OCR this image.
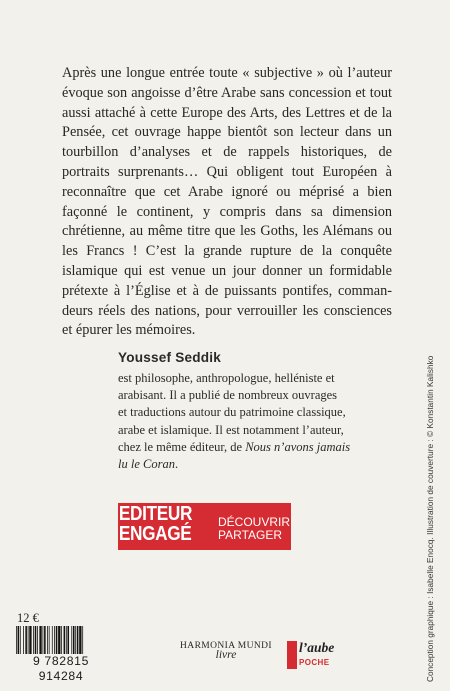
Après une longue entrée toute « subjective » où l’auteur évoque son angoisse d’être Arabe sans concession et tout aussi attaché à cette Europe des Arts, des Lettres et de la Pensée, cet ouvrage happe bientôt son lecteur dans un tourbillon d’analyses et de rappels historiques, de portraits surprenants… Qui obligent tout Européen à reconnaître que cet Arabe ignoré ou méprisé a bien façonné le continent, y compris dans sa dimension chrétienne, au même titre que les Goths, les Alémans ou les Francs ! C’est la grande rupture de la conquête islamique qui est venue un jour donner un formidable prétexte à l’Église et à de puissants pontifes, comman- deurs réels des nations, pour verrouiller les consciences et épurer les mémoires.
Youssef Seddik
est philosophe, anthropologue, helléniste et
arabisant. Il a publié de nombreux ouvrages
et traductions autour du patrimoine classique,
arabe et islamique. Il est notamment l’auteur,
chez le même éditeur, de Nous n’avons jamais
lu le Coran.
EDITEUR
ENGAGÉ DÉCOUVRIR
PARTAGER
12 €
9 782815 914284
HARMONIA MUNDI
livre	l’aube
POCHE	Conception graphique : Isabelle Enocq. Illustration de couverture : © Konstantin Kalishko
